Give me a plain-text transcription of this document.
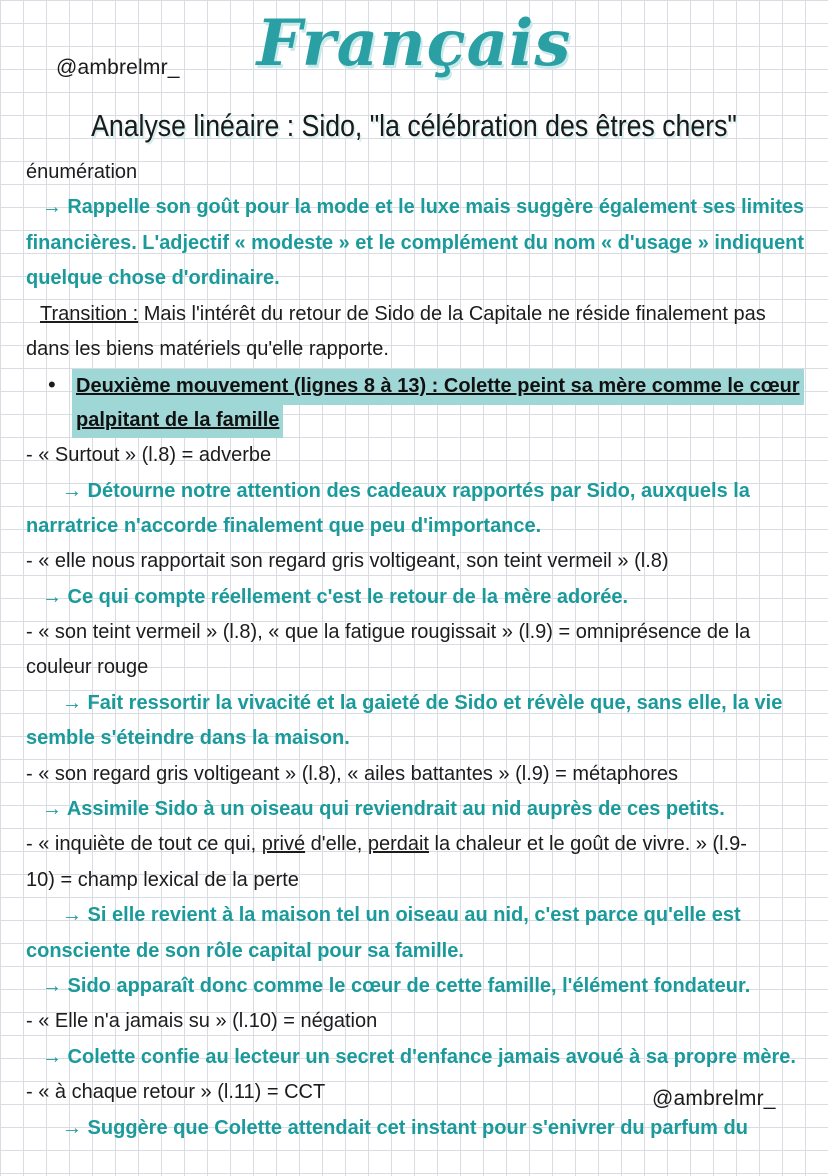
@ambrelmr_	Français
Analyse linéaire : Sido, "la célébration des êtres chers"
énumération
→ Rappelle son goût pour la mode et le luxe mais suggère également ses limites
financières. L'adjectif « modeste » et le complément du nom « d'usage » indiquent
quelque chose d'ordinaire.
Transition : Mais l'intérêt du retour de Sido de la Capitale ne réside finalement pas
dans les biens matériels qu'elle rapporte.
• Deuxième mouvement (lignes 8 à 13) : Colette peint sa mère comme le cœur
palpitant de la famille
- « Surtout » (l.8) = adverbe
→ Détourne notre attention des cadeaux rapportés par Sido, auxquels la
narratrice n'accorde finalement que peu d'importance.
- « elle nous rapportait son regard gris voltigeant, son teint vermeil » (l.8)
→ Ce qui compte réellement c'est le retour de la mère adorée.
- « son teint vermeil » (l.8), « que la fatigue rougissait » (l.9) = omniprésence de la
couleur rouge
→ Fait ressortir la vivacité et la gaieté de Sido et révèle que, sans elle, la vie
semble s'éteindre dans la maison.
- « son regard gris voltigeant » (l.8), « ailes battantes » (l.9) = métaphores
→ Assimile Sido à un oiseau qui reviendrait au nid auprès de ces petits.
- « inquiète de tout ce qui, privé d'elle, perdait la chaleur et le goût de vivre. » (l.9-
10) = champ lexical de la perte
→ Si elle revient à la maison tel un oiseau au nid, c'est parce qu'elle est
consciente de son rôle capital pour sa famille.
→ Sido apparaît donc comme le cœur de cette famille, l'élément fondateur.
- « Elle n'a jamais su » (l.10) = négation
→ Colette confie au lecteur un secret d'enfance jamais avoué à sa propre mère.
- « à chaque retour » (l.11) = CCT
→ Suggère que Colette attendait cet instant pour s'enivrer du parfum du
@ambrelmr_
